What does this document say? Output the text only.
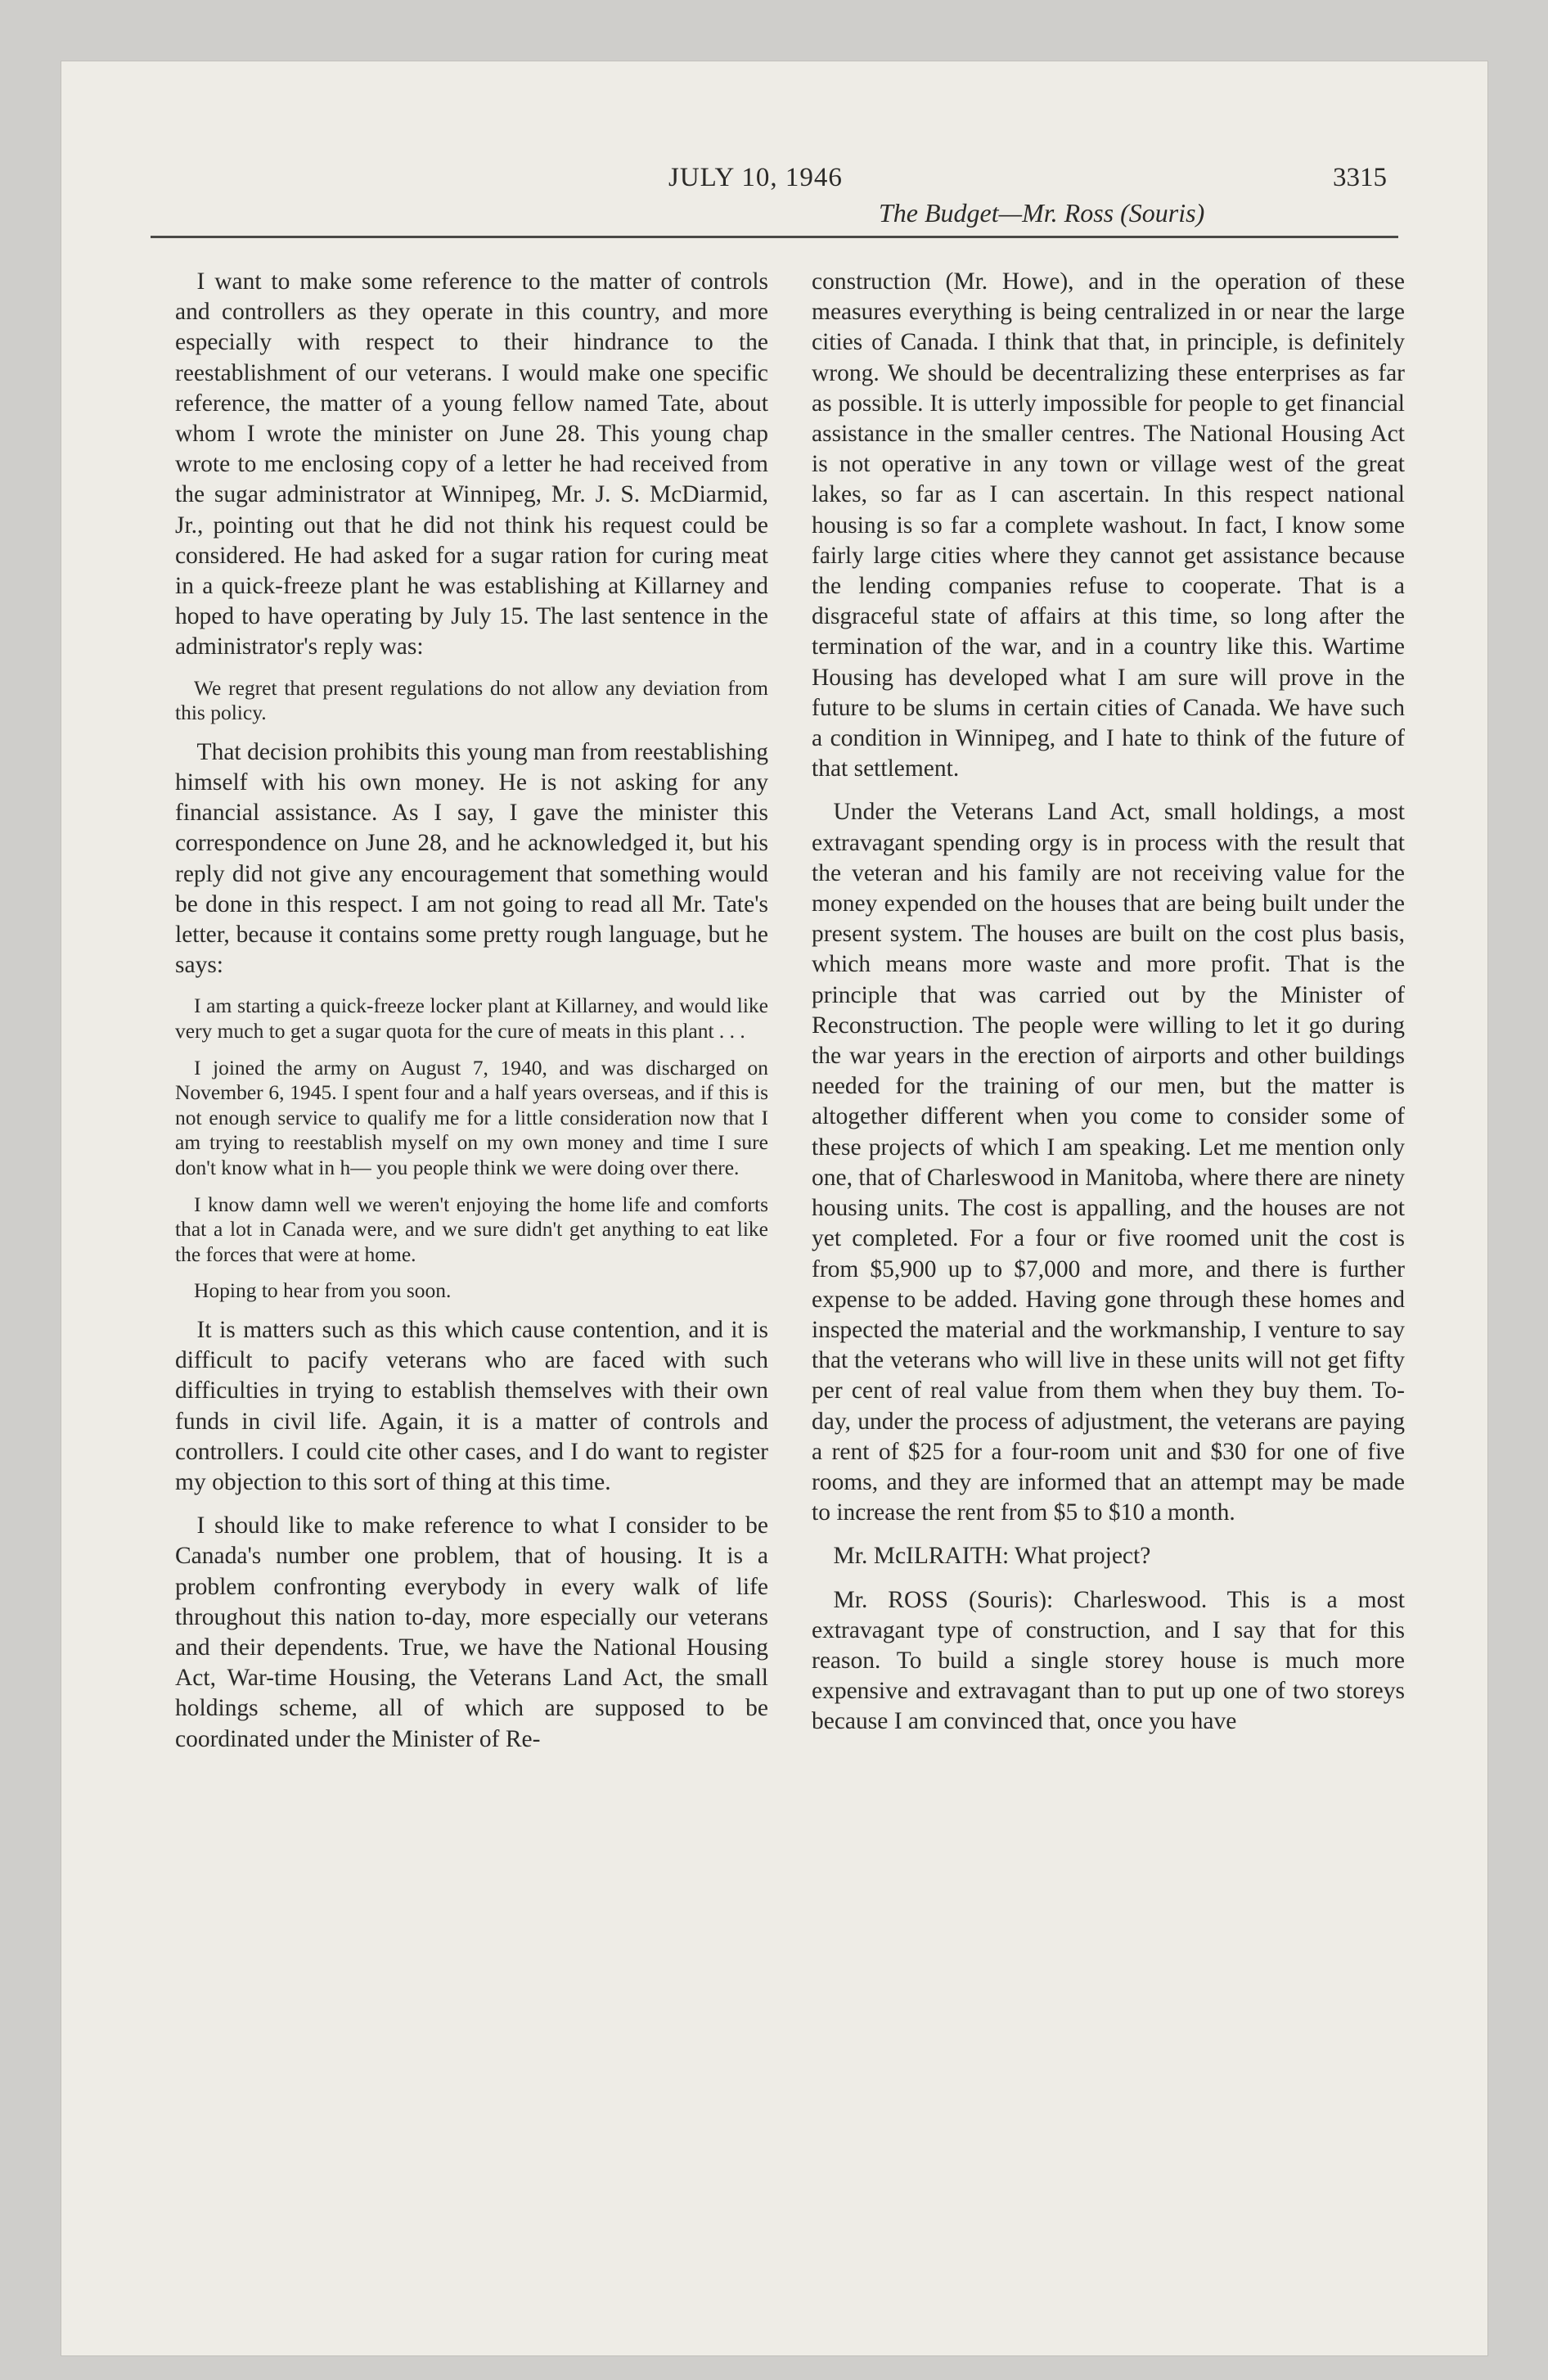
JULY 10, 1946
The Budget—Mr. Ross (Souris)
3315

I want to make some reference to the matter of controls and controllers as they operate in this country, and more especially with respect to their hindrance to the reestablishment of our veterans. I would make one specific reference, the matter of a young fellow named Tate, about whom I wrote the minister on June 28. This young chap wrote to me enclosing copy of a letter he had received from the sugar administrator at Winnipeg, Mr. J. S. McDiarmid, Jr., pointing out that he did not think his request could be considered. He had asked for a sugar ration for curing meat in a quick-freeze plant he was establishing at Killarney and hoped to have operating by July 15. The last sentence in the administrator's reply was:

We regret that present regulations do not allow any deviation from this policy.

That decision prohibits this young man from reestablishing himself with his own money. He is not asking for any financial assistance. As I say, I gave the minister this correspondence on June 28, and he acknowledged it, but his reply did not give any encouragement that something would be done in this respect. I am not going to read all Mr. Tate's letter, because it contains some pretty rough language, but he says:

I am starting a quick-freeze locker plant at Killarney, and would like very much to get a sugar quota for the cure of meats in this plant . . .

I joined the army on August 7, 1940, and was discharged on November 6, 1945. I spent four and a half years overseas, and if this is not enough service to qualify me for a little consideration now that I am trying to reestablish myself on my own money and time I sure don't know what in h— you people think we were doing over there.

I know damn well we weren't enjoying the home life and comforts that a lot in Canada were, and we sure didn't get anything to eat like the forces that were at home.

Hoping to hear from you soon.

It is matters such as this which cause contention, and it is difficult to pacify veterans who are faced with such difficulties in trying to establish themselves with their own funds in civil life. Again, it is a matter of controls and controllers. I could cite other cases, and I do want to register my objection to this sort of thing at this time.

I should like to make reference to what I consider to be Canada's number one problem, that of housing. It is a problem confronting everybody in every walk of life throughout this nation to-day, more especially our veterans and their dependents. True, we have the National Housing Act, War-time Housing, the Veterans Land Act, the small holdings scheme, all of which are supposed to be coordinated under the Minister of Re-

construction (Mr. Howe), and in the operation of these measures everything is being centralized in or near the large cities of Canada. I think that that, in principle, is definitely wrong. We should be decentralizing these enterprises as far as possible. It is utterly impossible for people to get financial assistance in the smaller centres. The National Housing Act is not operative in any town or village west of the great lakes, so far as I can ascertain. In this respect national housing is so far a complete washout. In fact, I know some fairly large cities where they cannot get assistance because the lending companies refuse to cooperate. That is a disgraceful state of affairs at this time, so long after the termination of the war, and in a country like this. Wartime Housing has developed what I am sure will prove in the future to be slums in certain cities of Canada. We have such a condition in Winnipeg, and I hate to think of the future of that settlement.

Under the Veterans Land Act, small holdings, a most extravagant spending orgy is in process with the result that the veteran and his family are not receiving value for the money expended on the houses that are being built under the present system. The houses are built on the cost plus basis, which means more waste and more profit. That is the principle that was carried out by the Minister of Reconstruction. The people were willing to let it go during the war years in the erection of airports and other buildings needed for the training of our men, but the matter is altogether different when you come to consider some of these projects of which I am speaking. Let me mention only one, that of Charleswood in Manitoba, where there are ninety housing units. The cost is appalling, and the houses are not yet completed. For a four or five roomed unit the cost is from $5,900 up to $7,000 and more, and there is further expense to be added. Having gone through these homes and inspected the material and the workmanship, I venture to say that the veterans who will live in these units will not get fifty per cent of real value from them when they buy them. To-day, under the process of adjustment, the veterans are paying a rent of $25 for a four-room unit and $30 for one of five rooms, and they are informed that an attempt may be made to increase the rent from $5 to $10 a month.

Mr. McILRAITH: What project?

Mr. ROSS (Souris): Charleswood. This is a most extravagant type of construction, and I say that for this reason. To build a single storey house is much more expensive and extravagant than to put up one of two storeys because I am convinced that, once you have
